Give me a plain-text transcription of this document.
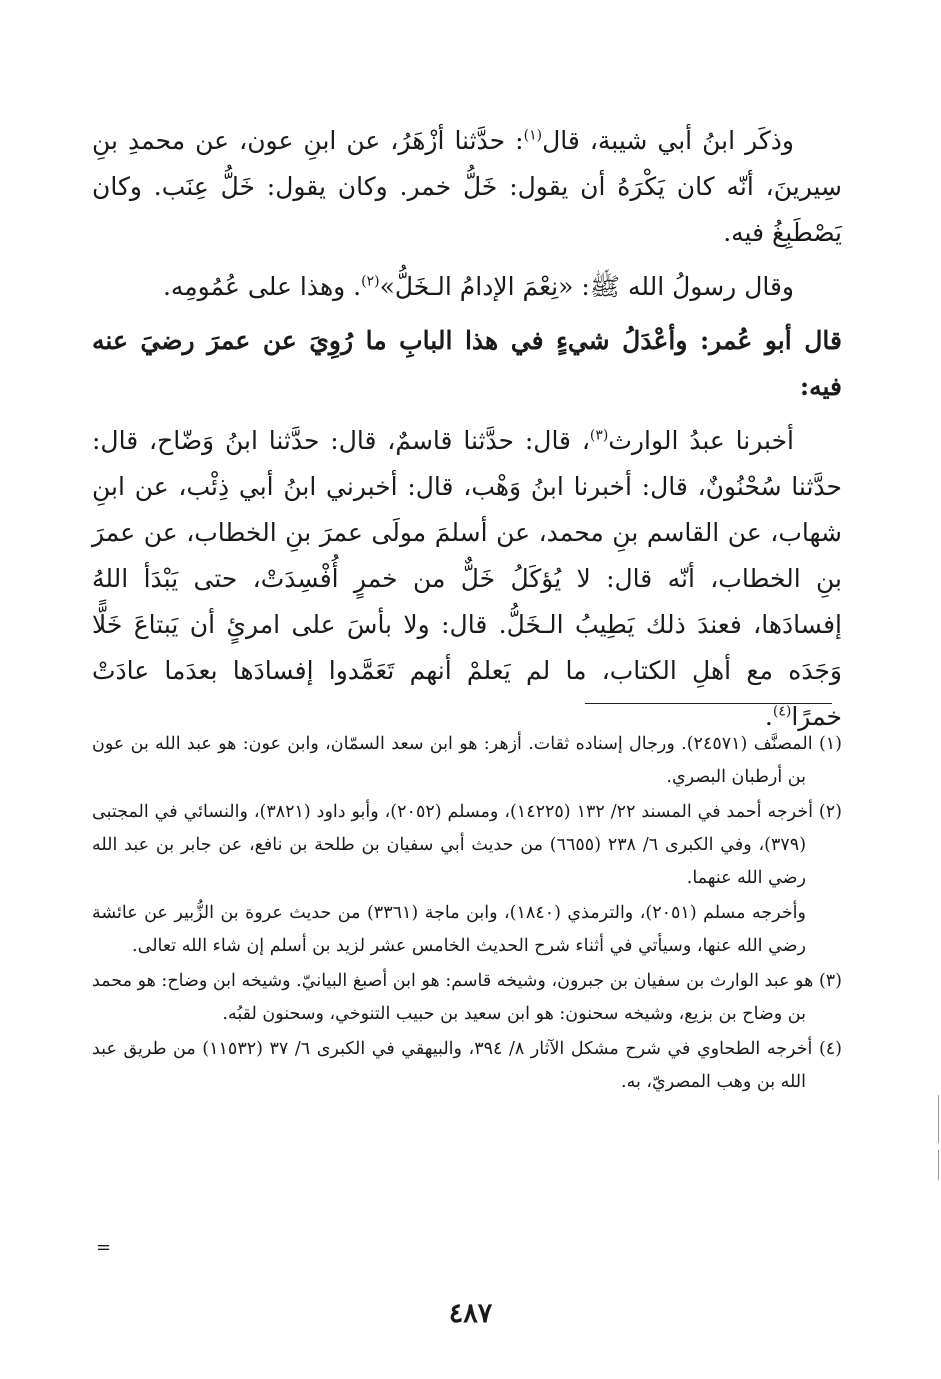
وذكَر ابنُ أبي شيبة، قال$^{(١)}$: حدَّثنا أزْهَرُ، عن ابنِ عون، عن محمدِ بنِ سِيرينَ، أنّه كان يَكْرَهُ أن يقول: خَلُّ خمر. وكان يقول: خَلُّ عِنَب. وكان يَصْطَبِغُ فيه.

وقال رسولُ الله ﷺ: «نِعْمَ الإدامُ الـخَلُّ»$^{(٢)}$. وهذا على عُمُومِه.

قال أبو عُمر: وأعْدَلُ شيءٍ في هذا البابِ ما رُوِيَ عن عمرَ رضيَ عنه فيه:

أخبرنا عبدُ الوارث$^{(٣)}$، قال: حدَّثنا قاسمٌ، قال: حدَّثنا ابنُ وَضّاح، قال: حدَّثنا سُحْنُونٌ، قال: أخبرنا ابنُ وَهْب، قال: أخبرني ابنُ أبي ذِئْب، عن ابنِ شهاب، عن القاسم بنِ محمد، عن أسلمَ مولَى عمرَ بنِ الخطاب، عن عمرَ بنِ الخطاب، أنّه قال: لا يُؤكَلُ خَلٌّ من خمرٍ أُفْسِدَتْ، حتى يَبْدَأ اللهُ إفسادَها، فعندَ ذلك يَطِيبُ الـخَلُّ. قال: ولا بأسَ على امرئٍ أن يَبتاعَ خَلًّا وَجَدَه مع أهلِ الكتاب، ما لم يَعلمْ أنهم تَعَمَّدوا إفسادَها بعدَما عادَتْ خمرًا$^{(٤)}$.

(١) المصنَّف (٢٤٥٧١). ورجال إسناده ثقات. أزهر: هو ابن سعد السمّان، وابن عون: هو عبد الله بن عون بن أرطبان البصري.

(٢) أخرجه أحمد في المسند ٢٢/ ١٣٢ (١٤٢٢٥)، ومسلم (٢٠٥٢)، وأبو داود (٣٨٢١)، والنسائي في المجتبى (٣٧٩)، وفي الكبرى ٦/ ٢٣٨ (٦٦٥٥) من حديث أبي سفيان بن طلحة بن نافع، عن جابر بن عبد الله رضي الله عنهما.

وأخرجه مسلم (٢٠٥١)، والترمذي (١٨٤٠)، وابن ماجة (٣٣٦١) من حديث عروة بن الزُّبير عن عائشة رضي الله عنها، وسيأتي في أثناء شرح الحديث الخامس عشر لزيد بن أسلم إن شاء الله تعالى.

(٣) هو عبد الوارث بن سفيان بن جبرون، وشيخه قاسم: هو ابن أصبغ البيانيّ. وشيخه ابن وضاح: هو محمد بن وضاح بن بزيع، وشيخه سحنون: هو ابن سعيد بن حبيب التنوخي، وسحنون لقبُه.

(٤) أخرجه الطحاوي في شرح مشكل الآثار ٨/ ٣٩٤، والبيهقي في الكبرى ٦/ ٣٧ (١١٥٣٢) من طريق عبد الله بن وهب المصريّ، به.

=
٤٨٧
